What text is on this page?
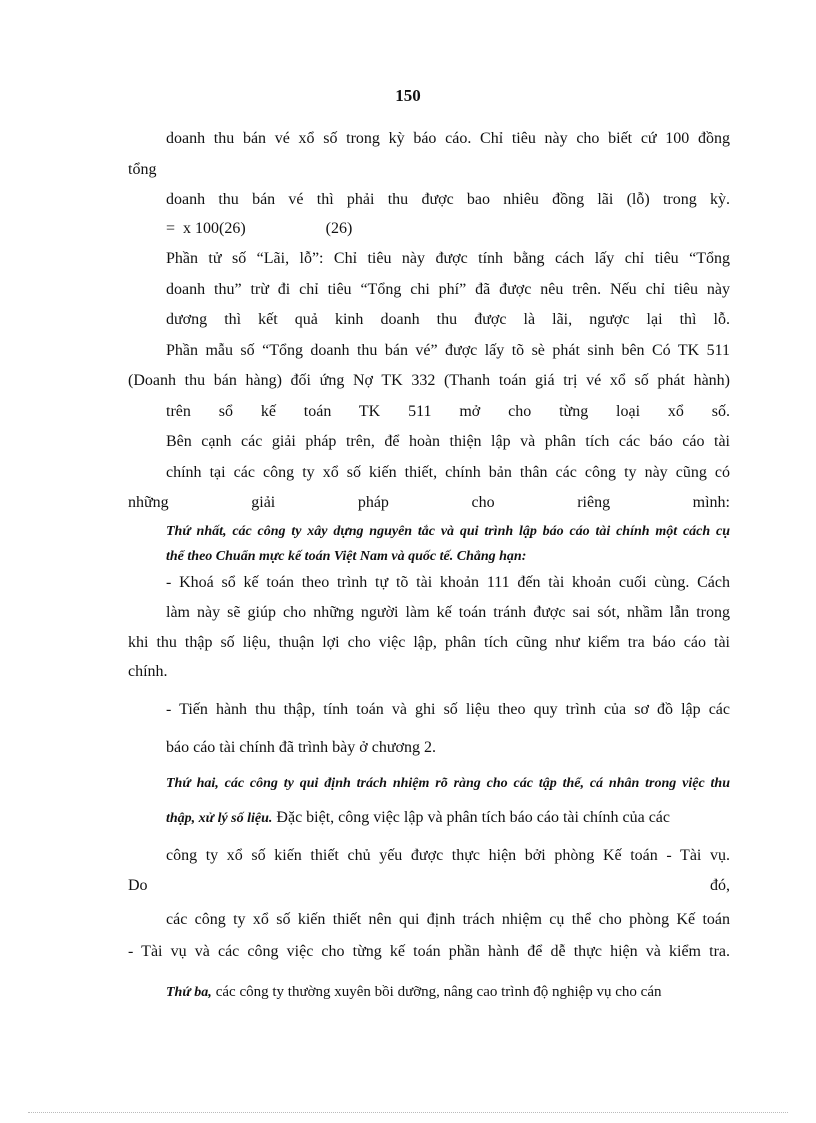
150
doanh thu bán vé xổ số trong kỳ báo cáo. Chỉ tiêu này cho biết cứ 100 đồng
tổng
doanh thu bán vé thì phải thu được bao nhiêu đồng lãi (lỗ) trong kỳ.
=  x 100(26)                    (26)
Phần tử số “Lãi, lỗ”: Chỉ tiêu này được tính bằng cách lấy chỉ tiêu “Tổng
doanh thu” trừ đi chỉ tiêu “Tổng chi phí” đã được nêu trên. Nếu chỉ tiêu này
dương thì kết quả kinh doanh thu được là lãi, ngược lại thì lỗ.
Phần mẫu số “Tổng doanh thu bán vé” được lấy tõ sè phát sinh bên Có TK 511
(Doanh thu bán hàng) đối ứng Nợ TK 332 (Thanh toán giá trị vé xổ số phát hành)
trên sổ kế toán TK 511 mở cho từng loại xổ số.
Bên cạnh các giải pháp trên, để hoàn thiện lập và phân tích các báo cáo tài
chính tại các công ty xổ số kiến thiết, chính bản thân các công ty này cũng có
những giải pháp cho riêng mình:
Thứ nhất, các công ty xây dựng nguyên tắc và qui trình lập báo cáo tài chính một cách cụ
thể theo Chuẩn mực kế toán Việt Nam và quốc tế. Chẳng hạn:
- Khoá sổ kế toán theo trình tự tõ tài khoản 111 đến tài khoản cuối cùng. Cách
làm này sẽ giúp cho những người làm kế toán tránh được sai sót, nhầm lẫn trong
khi thu thập số liệu, thuận lợi cho việc lập, phân tích cũng như kiểm tra báo cáo tài
chính.
- Tiến hành thu thập, tính toán và ghi số liệu theo quy trình của sơ đồ lập các
báo cáo tài chính đã trình bày ở chương 2.
Thứ hai, các công ty qui định trách nhiệm rõ ràng cho các tập thể, cá nhân trong việc thu
thập, xử lý số liệu. Đặc biệt, công việc lập và phân tích báo cáo tài chính của các
công ty xổ số kiến thiết chủ yếu được thực hiện bởi phòng Kế toán - Tài vụ.
Do đó,
các công ty xổ số kiến thiết nên qui định trách nhiệm cụ thể cho phòng Kế toán
- Tài vụ và các công việc cho từng kế toán phần hành để dễ thực hiện và kiểm tra.
Thứ ba, các công ty thường xuyên bồi dưỡng, nâng cao trình độ nghiệp vụ cho cán
